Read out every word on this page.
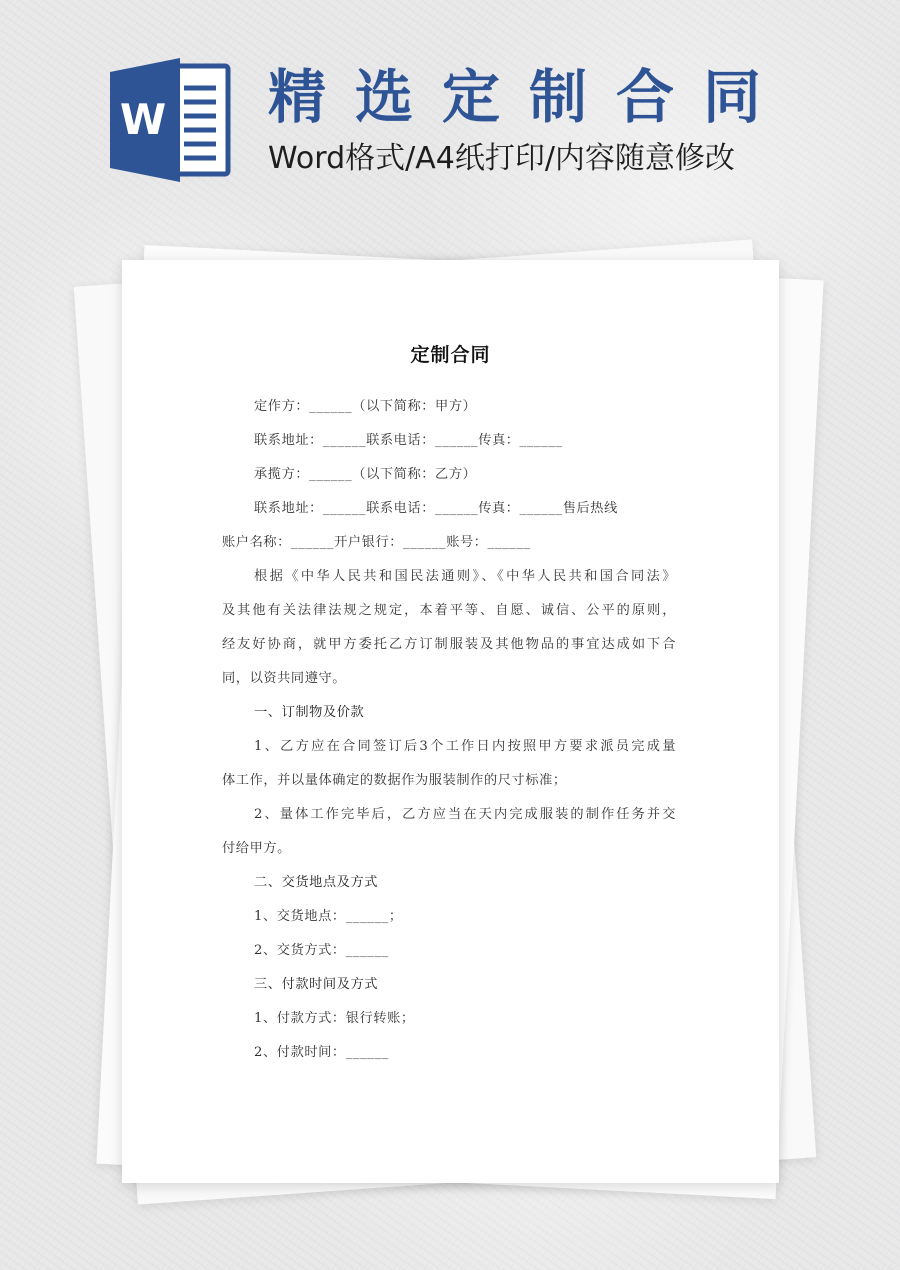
W 精选定制合同
Word格式/A4纸打印/内容随意修改
定制合同
定作方：______（以下简称：甲方）
联系地址：______联系电话：______传真：______
承揽方：______（以下简称：乙方）
联系地址：______联系电话：______传真：______售后热线
账户名称：______开户银行：______账号：______
根据《中华人民共和国民法通则》、《中华人民共和国合同法》
及其他有关法律法规之规定，本着平等、自愿、诚信、公平的原则，
经友好协商，就甲方委托乙方订制服装及其他物品的事宜达成如下合
同，以资共同遵守。
一、订制物及价款
1、乙方应在合同签订后3个工作日内按照甲方要求派员完成量
体工作，并以量体确定的数据作为服装制作的尺寸标准；
2、量体工作完毕后，乙方应当在天内完成服装的制作任务并交
付给甲方。
二、交货地点及方式
1、交货地点：______；
2、交货方式：______
三、付款时间及方式
1、付款方式：银行转账；
2、付款时间：______
